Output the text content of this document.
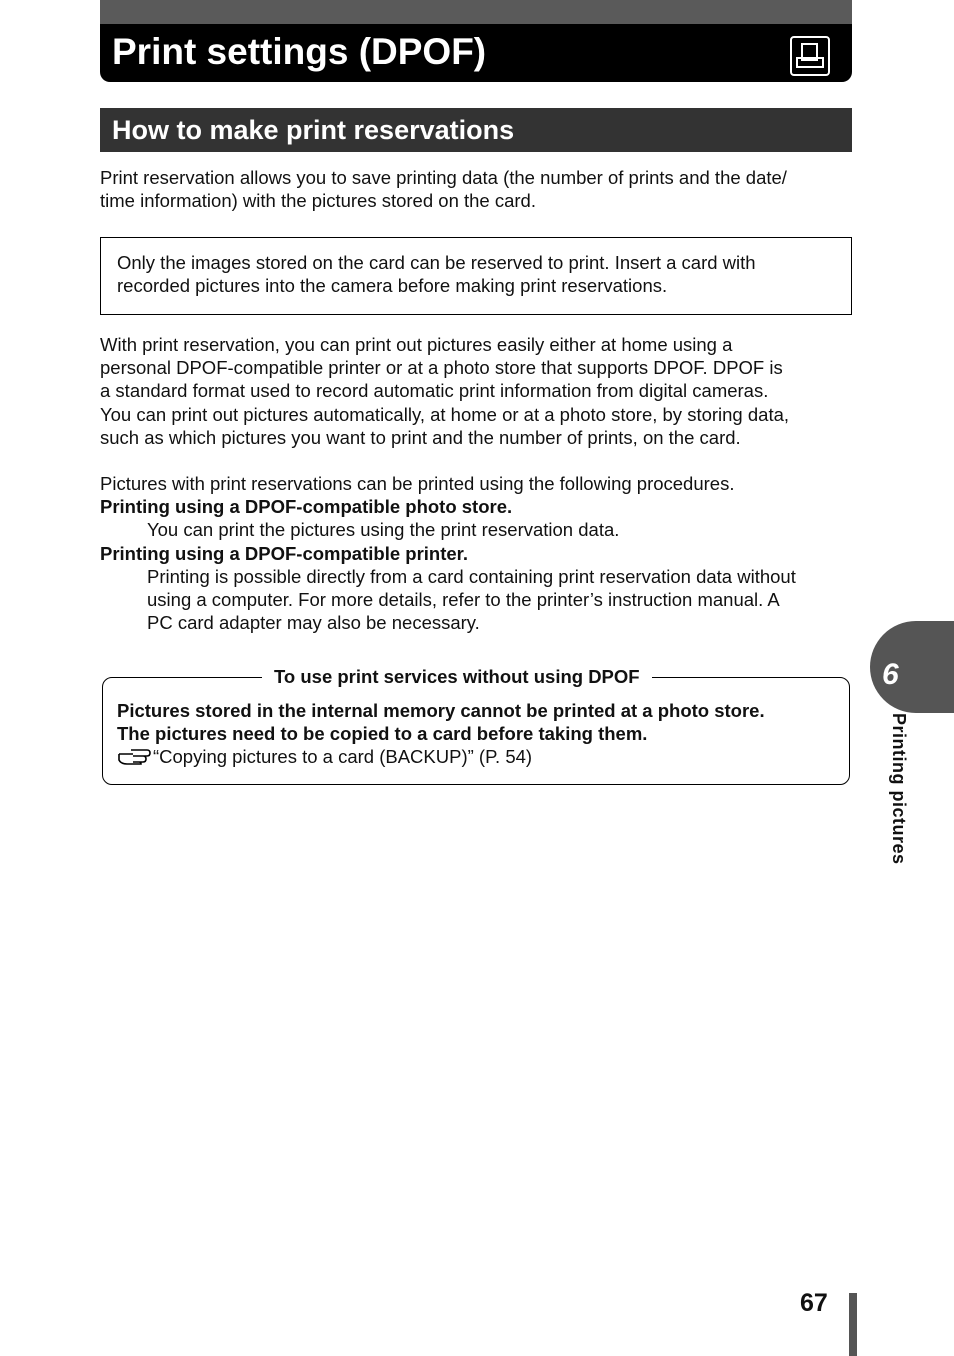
Print settings (DPOF)
How to make print reservations
Print reservation allows you to save printing data (the number of prints and the date/
time information) with the pictures stored on the card.
Only the images stored on the card can be reserved to print. Insert a card with
recorded pictures into the camera before making print reservations.
With print reservation, you can print out pictures easily either at home using a
personal DPOF-compatible printer or at a photo store that supports DPOF. DPOF is
a standard format used to record automatic print information from digital cameras.
You can print out pictures automatically, at home or at a photo store, by storing data,
such as which pictures you want to print and the number of prints, on the card.
Pictures with print reservations can be printed using the following procedures.
Printing using a DPOF-compatible photo store.
You can print the pictures using the print reservation data.
Printing using a DPOF-compatible printer.
Printing is possible directly from a card containing print reservation data without
using a computer. For more details, refer to the printer’s instruction manual. A
PC card adapter may also be necessary.
To use print services without using DPOF
Pictures stored in the internal memory cannot be printed at a photo store.
The pictures need to be copied to a card before taking them.
“Copying pictures to a card (BACKUP)” (P. 54)
6
Printing pictures
67
